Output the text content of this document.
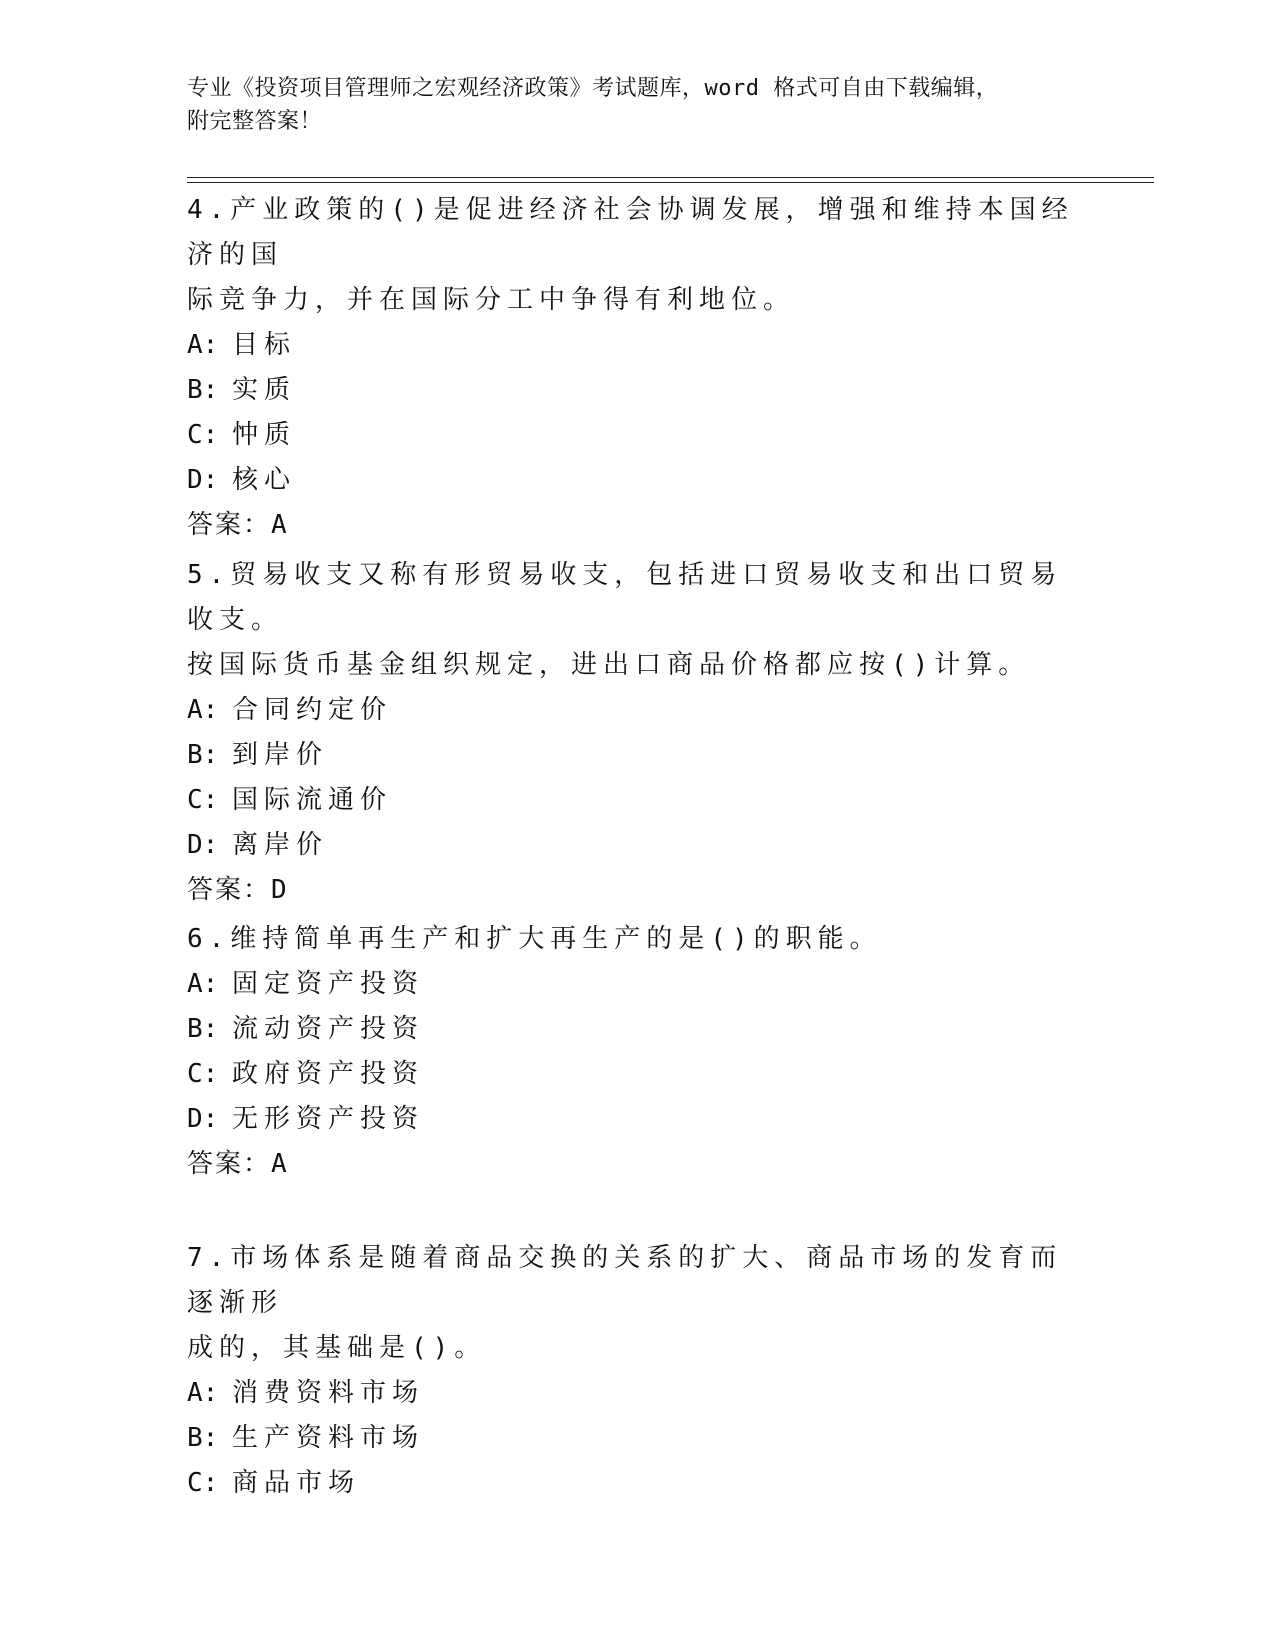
专业《投资项目管理师之宏观经济政策》考试题库，word 格式可自由下载编辑，
附完整答案！
4.产业政策的()是促进经济社会协调发展，增强和维持本国经济的国
际竞争力，并在国际分工中争得有利地位。
A: 目标
B: 实质
C: 忡质
D: 核心
答案：A
5.贸易收支又称有形贸易收支，包括进口贸易收支和出口贸易收支。
按国际货币基金组织规定，进出口商品价格都应按()计算。
A: 合同约定价
B: 到岸价
C: 国际流通价
D: 离岸价
答案：D
6.维持简单再生产和扩大再生产的是()的职能。
A: 固定资产投资
B: 流动资产投资
C: 政府资产投资
D: 无形资产投资
答案：A
7.市场体系是随着商品交换的关系的扩大、商品市场的发育而逐渐形
成的，其基础是()。
A: 消费资料市场
B: 生产资料市场
C: 商品市场
